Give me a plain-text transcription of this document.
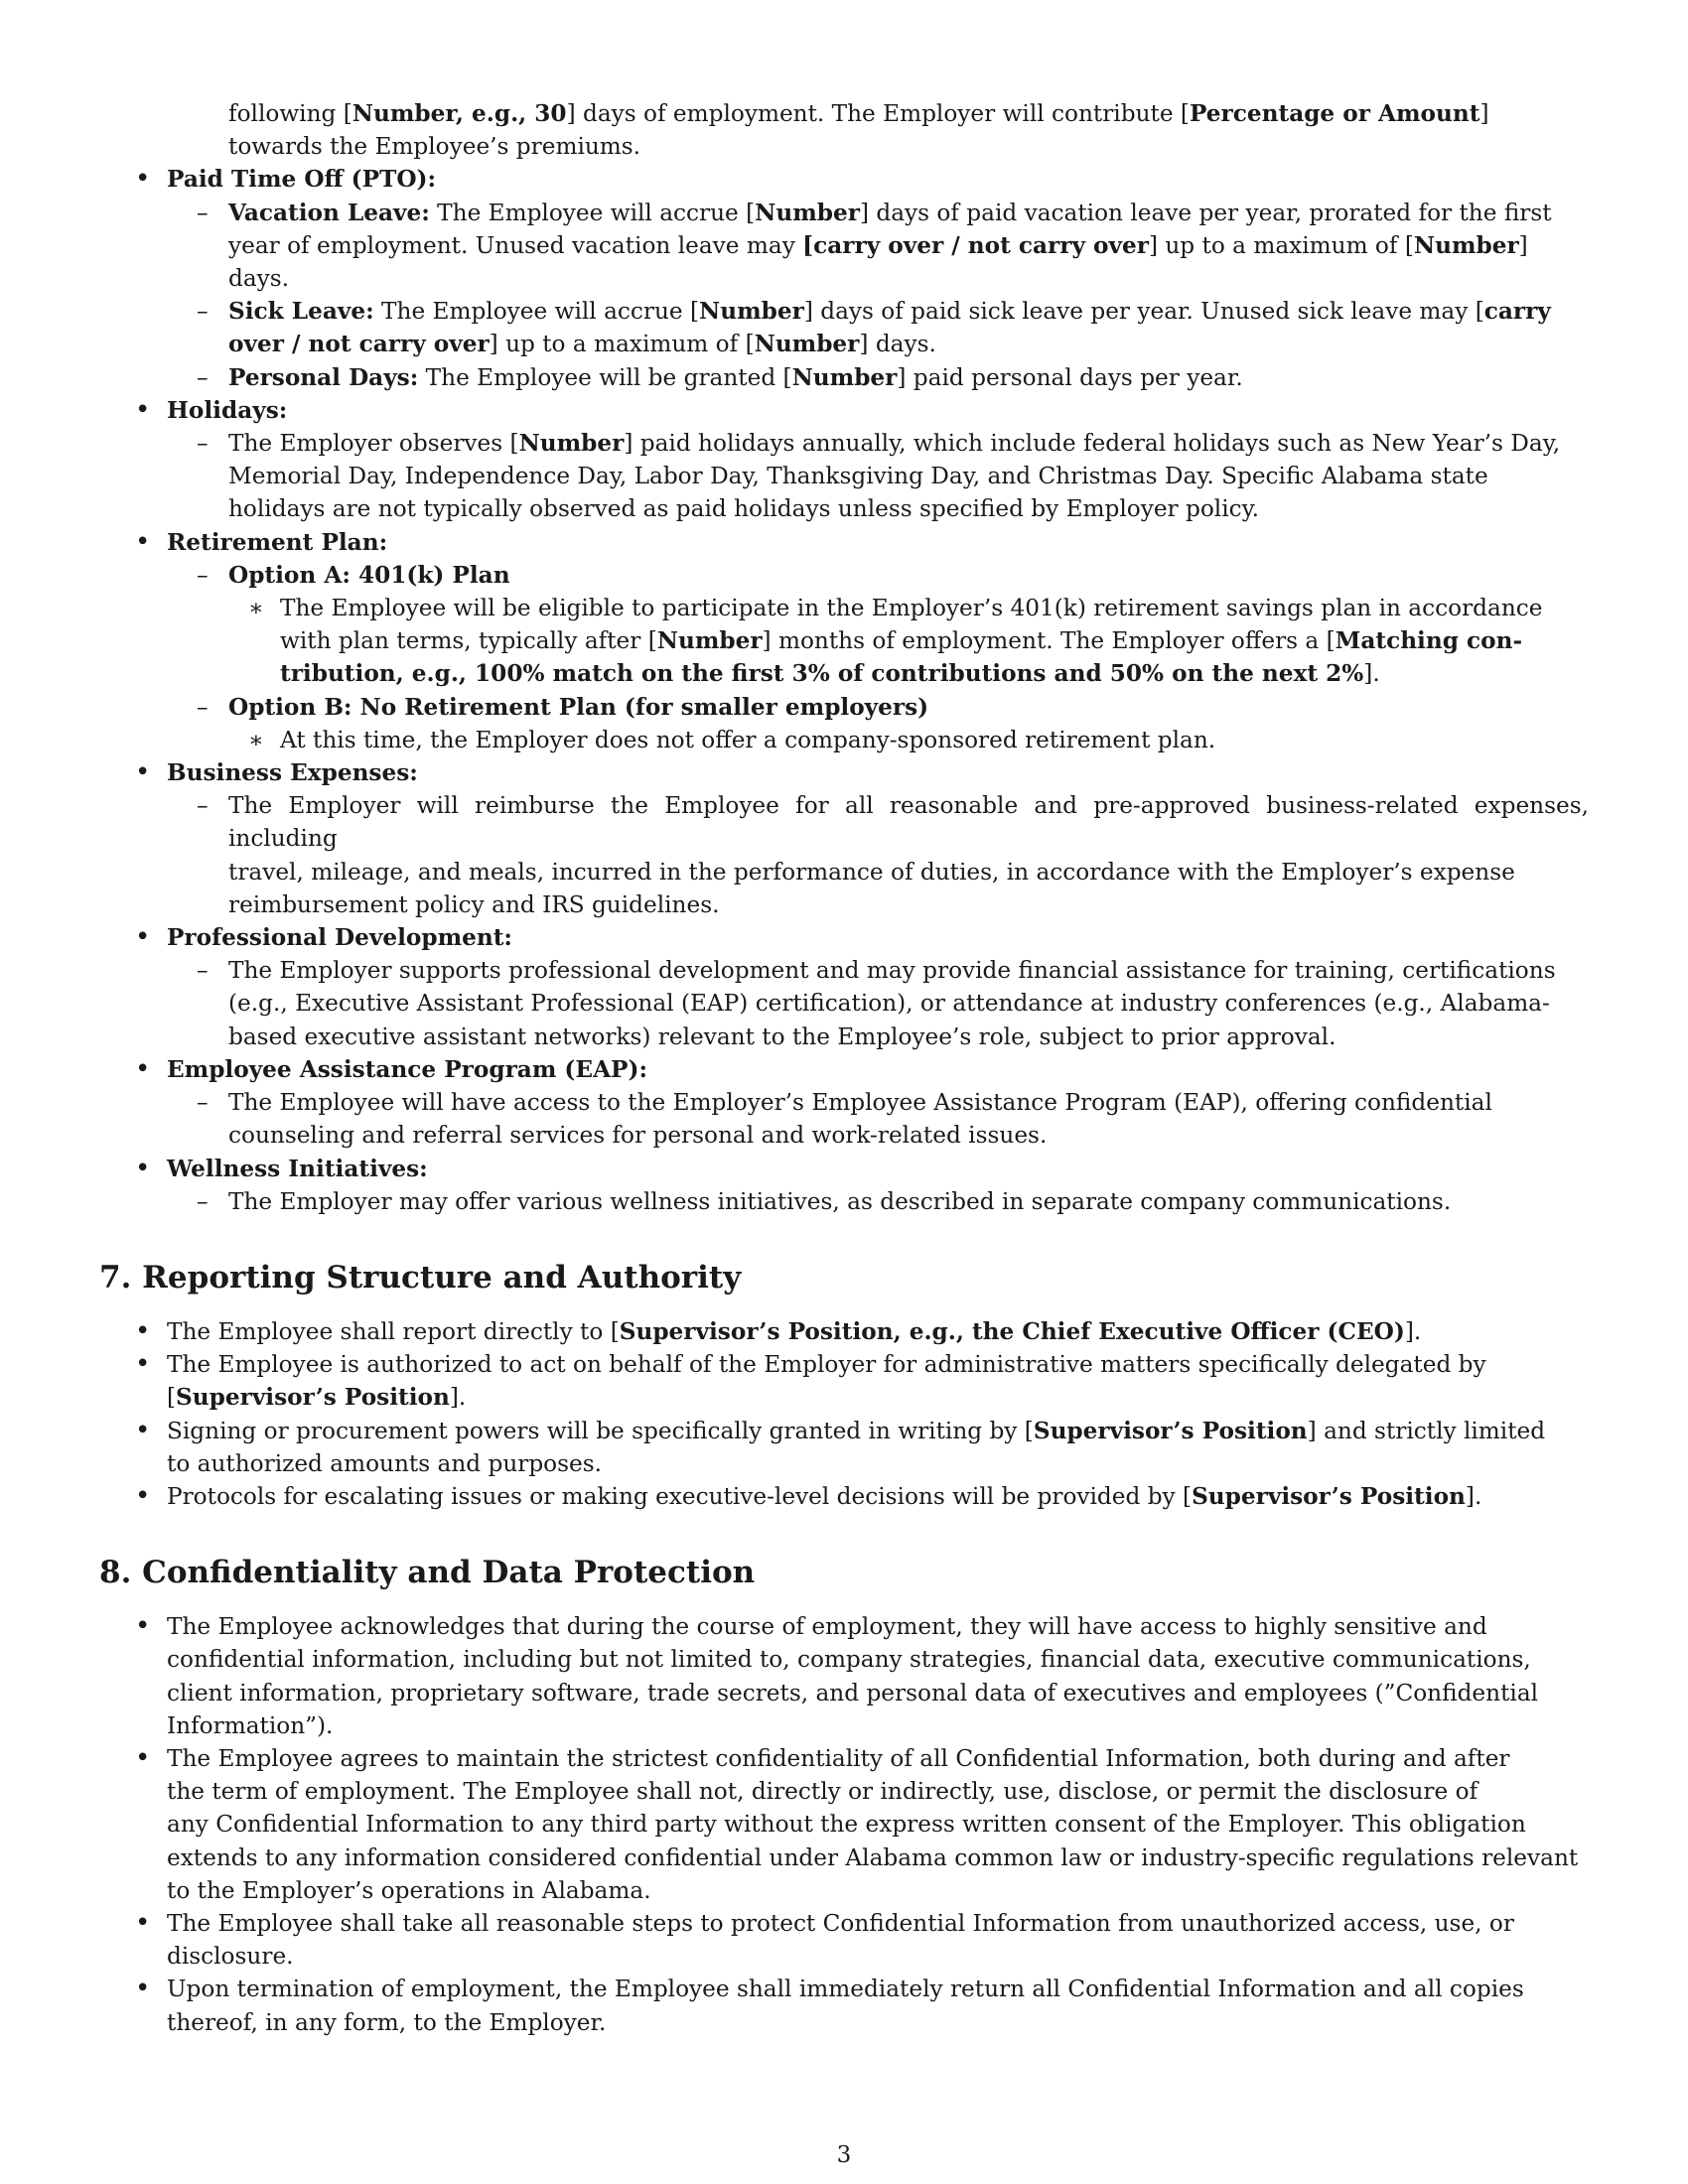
following [Number, e.g., 30] days of employment. The Employer will contribute [Percentage or Amount]
towards the Employee’s premiums.
• Paid Time Off (PTO):
– Vacation Leave: The Employee will accrue [Number] days of paid vacation leave per year, prorated for the first
year of employment. Unused vacation leave may [carry over / not carry over] up to a maximum of [Number]
days.
– Sick Leave: The Employee will accrue [Number] days of paid sick leave per year. Unused sick leave may [carry
over / not carry over] up to a maximum of [Number] days.
– Personal Days: The Employee will be granted [Number] paid personal days per year.
• Holidays:
– The Employer observes [Number] paid holidays annually, which include federal holidays such as New Year’s Day,
Memorial Day, Independence Day, Labor Day, Thanksgiving Day, and Christmas Day. Specific Alabama state
holidays are not typically observed as paid holidays unless specified by Employer policy.
• Retirement Plan:
– Option A: 401(k) Plan
∗ The Employee will be eligible to participate in the Employer’s 401(k) retirement savings plan in accordance
with plan terms, typically after [Number] months of employment. The Employer offers a [Matching con-
tribution, e.g., 100% match on the first 3% of contributions and 50% on the next 2%].
– Option B: No Retirement Plan (for smaller employers)
∗ At this time, the Employer does not offer a company-sponsored retirement plan.
• Business Expenses:
– The Employer will reimburse the Employee for all reasonable and pre-approved business-related expenses, including
travel, mileage, and meals, incurred in the performance of duties, in accordance with the Employer’s expense
reimbursement policy and IRS guidelines.
• Professional Development:
– The Employer supports professional development and may provide financial assistance for training, certifications
(e.g., Executive Assistant Professional (EAP) certification), or attendance at industry conferences (e.g., Alabama-
based executive assistant networks) relevant to the Employee’s role, subject to prior approval.
• Employee Assistance Program (EAP):
– The Employee will have access to the Employer’s Employee Assistance Program (EAP), offering confidential
counseling and referral services for personal and work-related issues.
• Wellness Initiatives:
– The Employer may offer various wellness initiatives, as described in separate company communications.
7. Reporting Structure and Authority
• The Employee shall report directly to [Supervisor’s Position, e.g., the Chief Executive Officer (CEO)].
• The Employee is authorized to act on behalf of the Employer for administrative matters specifically delegated by
[Supervisor’s Position].
• Signing or procurement powers will be specifically granted in writing by [Supervisor’s Position] and strictly limited
to authorized amounts and purposes.
• Protocols for escalating issues or making executive-level decisions will be provided by [Supervisor’s Position].
8. Confidentiality and Data Protection
• The Employee acknowledges that during the course of employment, they will have access to highly sensitive and
confidential information, including but not limited to, company strategies, financial data, executive communications,
client information, proprietary software, trade secrets, and personal data of executives and employees (”Confidential
Information”).
• The Employee agrees to maintain the strictest confidentiality of all Confidential Information, both during and after
the term of employment. The Employee shall not, directly or indirectly, use, disclose, or permit the disclosure of
any Confidential Information to any third party without the express written consent of the Employer. This obligation
extends to any information considered confidential under Alabama common law or industry-specific regulations relevant
to the Employer’s operations in Alabama.
• The Employee shall take all reasonable steps to protect Confidential Information from unauthorized access, use, or
disclosure.
• Upon termination of employment, the Employee shall immediately return all Confidential Information and all copies
thereof, in any form, to the Employer.
3
